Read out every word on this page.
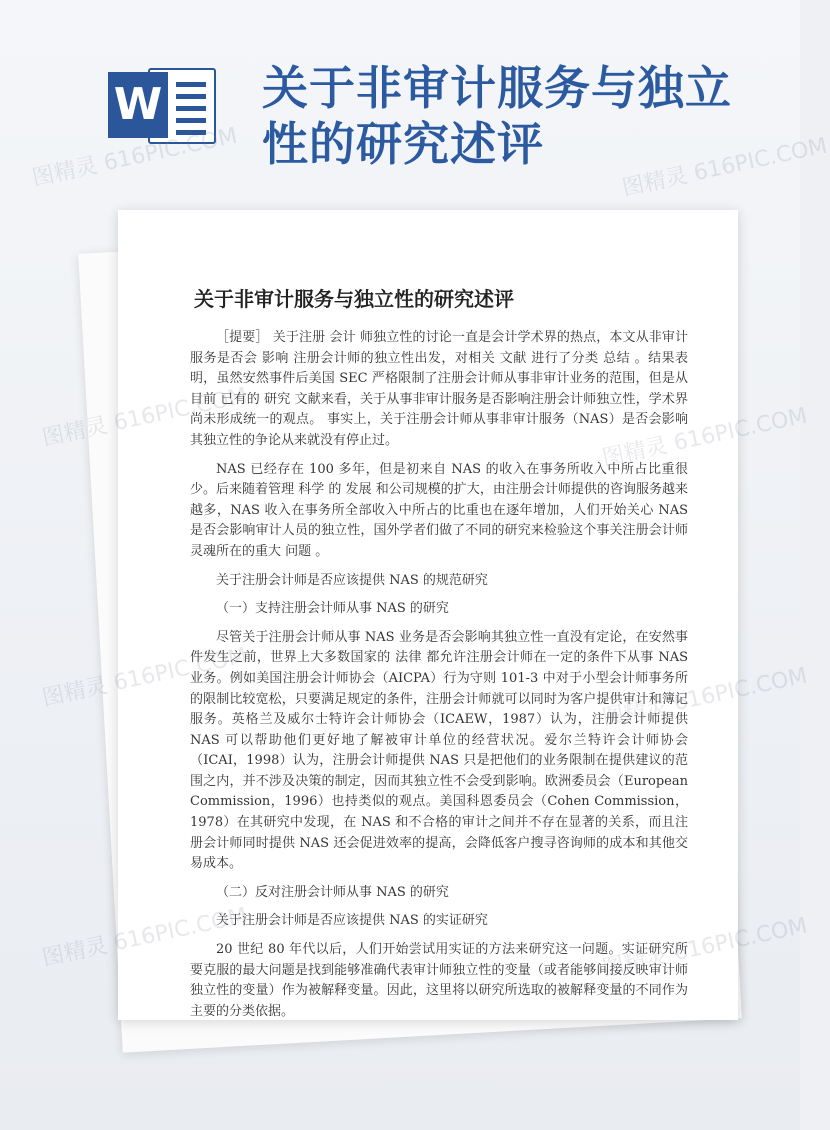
W 关于非审计服务与独立性的研究述评
关于非审计服务与独立性的研究述评

［提要］ 关于注册 会计 师独立性的讨论一直是会计学术界的热点，本文从非审计服务是否会 影响 注册会计师的独立性出发，对相关 文献 进行了分类 总结 。结果表明，虽然安然事件后美国 SEC 严格限制了注册会计师从事非审计业务的范围，但是从 目前 已有的 研究 文献来看，关于从事非审计服务是否影响注册会计师独立性，学术界尚未形成统一的观点。 事实上，关于注册会计师从事非审计服务（NAS）是否会影响其独立性的争论从来就没有停止过。

NAS 已经存在 100 多年，但是初来自 NAS 的收入在事务所收入中所占比重很少。后来随着管理 科学 的 发展 和公司规模的扩大，由注册会计师提供的咨询服务越来越多，NAS 收入在事务所全部收入中所占的比重也在逐年增加，人们开始关心 NAS 是否会影响审计人员的独立性，国外学者们做了不同的研究来检验这个事关注册会计师灵魂所在的重大 问题 。

关于注册会计师是否应该提供 NAS 的规范研究

（一）支持注册会计师从事 NAS 的研究

尽管关于注册会计师从事 NAS 业务是否会影响其独立性一直没有定论，在安然事件发生之前，世界上大多数国家的 法律 都允许注册会计师在一定的条件下从事 NAS 业务。例如美国注册会计师协会（AICPA）行为守则 101-3 中对于小型会计师事务所的限制比较宽松，只要满足规定的条件，注册会计师就可以同时为客户提供审计和簿记服务。英格兰及威尔士特许会计师协会（ICAEW，1987）认为，注册会计师提供 NAS 可以帮助他们更好地了解被审计单位的经营状况。爱尔兰特许会计师协会（ICAI，1998）认为，注册会计师提供 NAS 只是把他们的业务限制在提供建议的范围之内，并不涉及决策的制定，因而其独立性不会受到影响。欧洲委员会（European Commission，1996）也持类似的观点。美国科恩委员会（Cohen Commission，1978）在其研究中发现，在 NAS 和不合格的审计之间并不存在显著的关系，而且注册会计师同时提供 NAS 还会促进效率的提高，会降低客户搜寻咨询师的成本和其他交易成本。

（二）反对注册会计师从事 NAS 的研究

关于注册会计师是否应该提供 NAS 的实证研究

20 世纪 80 年代以后，人们开始尝试用实证的方法来研究这一问题。实证研究所要克服的最大问题是找到能够准确代表审计师独立性的变量（或者能够间接反映审计师独立性的变量）作为被解释变量。因此，这里将以研究所选取的被解释变量的不同作为主要的分类依据。
